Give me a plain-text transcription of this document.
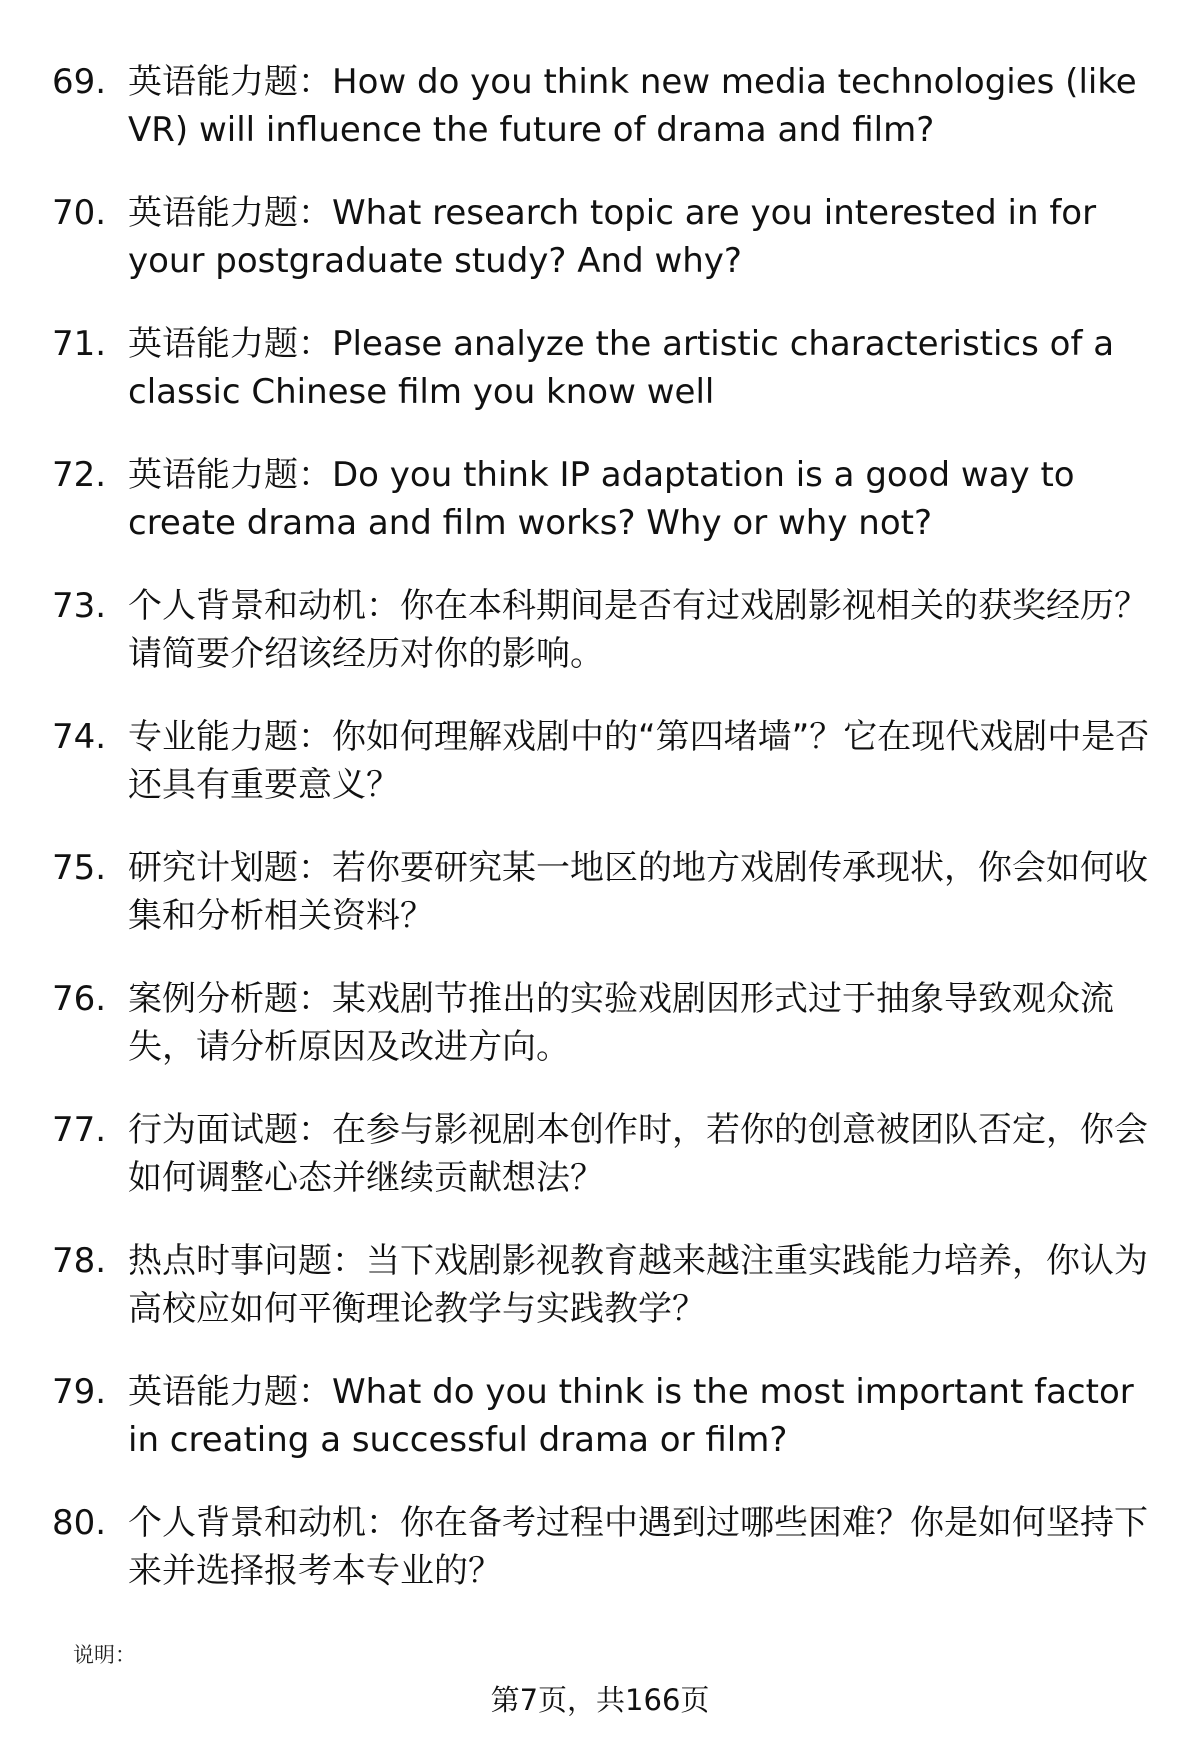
69. 英语能力题：How do you think new media technologies (like VR) will influence the future of drama and film?
70. 英语能力题：What research topic are you interested in for your postgraduate study? And why?
71. 英语能力题：Please analyze the artistic characteristics of a classic Chinese film you know well
72. 英语能力题：Do you think IP adaptation is a good way to create drama and film works? Why or why not?
73. 个人背景和动机：你在本科期间是否有过戏剧影视相关的获奖经历？请简要介绍该经历对你的影响。
74. 专业能力题：你如何理解戏剧中的“第四堵墙”？它在现代戏剧中是否还具有重要意义？
75. 研究计划题：若你要研究某一地区的地方戏剧传承现状，你会如何收集和分析相关资料？
76. 案例分析题：某戏剧节推出的实验戏剧因形式过于抽象导致观众流失，请分析原因及改进方向。
77. 行为面试题：在参与影视剧本创作时，若你的创意被团队否定，你会如何调整心态并继续贡献想法？
78. 热点时事问题：当下戏剧影视教育越来越注重实践能力培养，你认为高校应如何平衡理论教学与实践教学？
79. 英语能力题：What do you think is the most important factor in creating a successful drama or film?
80. 个人背景和动机：你在备考过程中遇到过哪些困难？你是如何坚持下来并选择报考本专业的？
说明：
第7页，共166页
